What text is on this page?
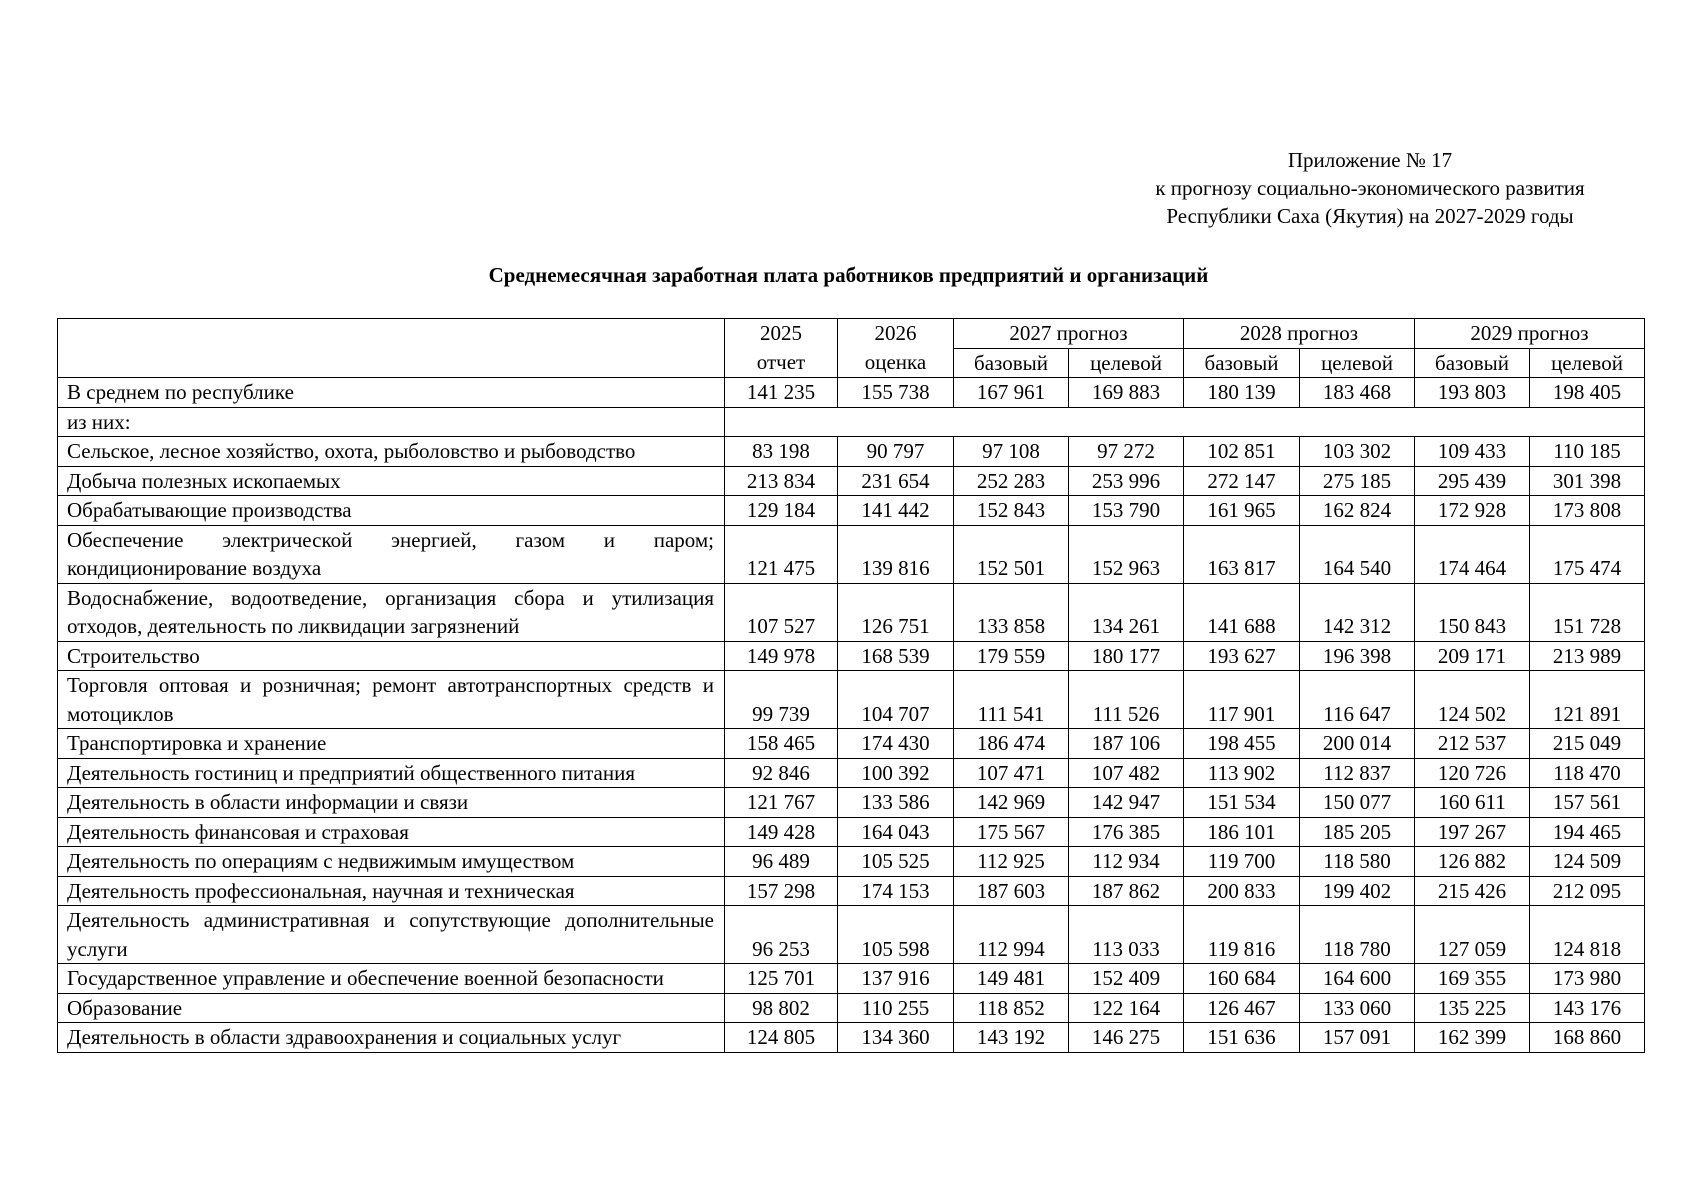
Приложение № 17
к прогнозу социально-экономического развития
Республики Саха (Якутия) на 2027-2029 годы
Среднемесячная заработная плата работников предприятий и организаций
	2025	2026	2027 прогноз		2028 прогноз		2029 прогноз	
	отчет	оценка	базовый	целевой	базовый	целевой	базовый	целевой
В среднем по республике	141 235	155 738	167 961	169 883	180 139	183 468	193 803	198 405
из них:								
Сельское, лесное хозяйство, охота, рыболовство и рыбоводство	83 198	90 797	97 108	97 272	102 851	103 302	109 433	110 185
Добыча полезных ископаемых	213 834	231 654	252 283	253 996	272 147	275 185	295 439	301 398
Обрабатывающие производства	129 184	141 442	152 843	153 790	161 965	162 824	172 928	173 808
Обеспечение электрической энергией, газом и паром; кондиционирование воздуха	121 475	139 816	152 501	152 963	163 817	164 540	174 464	175 474
Водоснабжение, водоотведение, организация сбора и утилизация отходов, деятельность по ликвидации загрязнений	107 527	126 751	133 858	134 261	141 688	142 312	150 843	151 728
Строительство	149 978	168 539	179 559	180 177	193 627	196 398	209 171	213 989
Торговля оптовая и розничная; ремонт автотранспортных средств и мотоциклов	99 739	104 707	111 541	111 526	117 901	116 647	124 502	121 891
Транспортировка и хранение	158 465	174 430	186 474	187 106	198 455	200 014	212 537	215 049
Деятельность гостиниц и предприятий общественного питания	92 846	100 392	107 471	107 482	113 902	112 837	120 726	118 470
Деятельность в области информации и связи	121 767	133 586	142 969	142 947	151 534	150 077	160 611	157 561
Деятельность финансовая и страховая	149 428	164 043	175 567	176 385	186 101	185 205	197 267	194 465
Деятельность по операциям с недвижимым имуществом	96 489	105 525	112 925	112 934	119 700	118 580	126 882	124 509
Деятельность профессиональная, научная и техническая	157 298	174 153	187 603	187 862	200 833	199 402	215 426	212 095
Деятельность административная и сопутствующие дополнительные услуги	96 253	105 598	112 994	113 033	119 816	118 780	127 059	124 818
Государственное управление и обеспечение военной безопасности	125 701	137 916	149 481	152 409	160 684	164 600	169 355	173 980
Образование	98 802	110 255	118 852	122 164	126 467	133 060	135 225	143 176
Деятельность в области здравоохранения и социальных услуг	124 805	134 360	143 192	146 275	151 636	157 091	162 399	168 860
